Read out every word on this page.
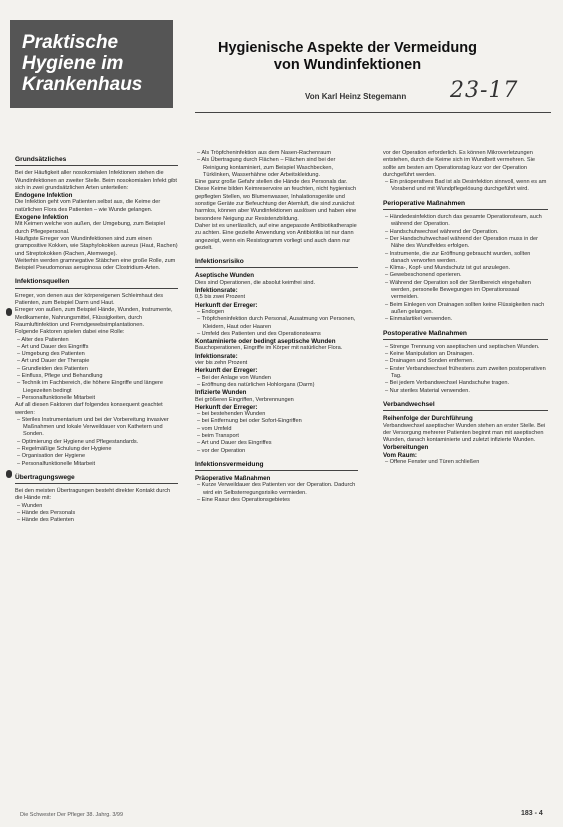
Praktische
Hygiene im
Krankenhaus
Hygienische Aspekte der Vermeidung
von Wundinfektionen
Von Karl Heinz Stegemann 23-17
Grundsätzliches
Bei der Häufigkeit aller nosokomialen Infektionen stehen die Wundinfektionen an zweiter Stelle. Beim nosokomialen Infekt gibt sich in zwei grundsätzlichen Arten unterteilen:
Endogene Infektion
Die Infektion geht vom Patienten selbst aus, die Keime der natürlichen Flora des Patienten – wie Wunde gelangen.
Exogene Infektion
Mit Keimen welche von außen, der Umgebung, zum Beispiel durch Pflegepersonal.
Häufigste Erreger von Wundinfektionen sind zum einen grampositive Kokken, wie Staphylokokken aureus (Haut, Rachen) und Streptokokken (Rachen, Atemwege).
Weiterhin werden gramnegative Stäbchen eine große Rolle, zum Beispiel Pseudomonas aeruginosa oder Clostridium-Arten.
Infektionsquellen
Erreger, von denen aus der körpereigenen Schleimhaut des Patienten, zum Beispiel Darm und Haut.
Erreger von außen, zum Beispiel Hände, Wunden, Instrumente, Medikamente, Nahrungsmittel, Flüssigkeiten, durch Raumluftinfektion und Fremdgewebsimplantationen.
Folgende Faktoren spielen dabei eine Rolle:
– Alter des Patienten
– Art und Dauer des Eingriffs
– Umgebung des Patienten
– Art und Dauer der Therapie
– Grundleiden des Patienten
– Einfluss, Pflege und Behandlung
– Technik im Fachbereich, die höhere Eingriffe und längere Liegezeiten bedingt
– Personalfunktionelle Mitarbeit
Auf all diesen Faktoren darf folgendes konsequent geachtet werden:
– Steriles Instrumentarium und bei der Vorbereitung invasiver Maßnahmen und lokale Verweildauer von Kathetern und Sonden.
– Optimierung der Hygiene und Pflegestandards.
– Regelmäßige Schulung der Hygiene
– Organisation der Hygiene
– Personalfunktionelle Mitarbeit
Übertragungswege
Bei den meisten Übertragungen besteht direkter Kontakt durch die Hände mit:
– Wunden
– Hände des Personals
– Hände des Patienten
– Als Tröpfcheninfektion aus dem Nasen-Rachenraum
– Als Übertragung durch Flächen – Flächen sind bei der Reinigung kontaminiert, zum Beispiel Waschbecken, Türklinken, Wasserhähne oder Arbeitskleidung.
Eine ganz große Gefahr stellen die Hände des Personals dar.
Diese Keime bilden Keimreservoire an feuchten, nicht hygienisch gepflegten Stellen, wo Blumenwasser, Inhalationsgeräte und sonstige Geräte zur Befeuchtung der Atemluft, die sind zunächst harmlos, können aber Wundinfektionen auslösen und haben eine besondere Neigung zur Resistenzbildung.
Daher ist es unerlässlich, auf eine angepasste Antibiotikatherapie zu achten. Eine gezielte Anwendung von Antibiotika ist nur dann angezeigt, wenn ein Resistogramm vorliegt und auch dann nur gezielt.
Infektionsrisiko
Aseptische Wunden
Dies sind Operationen, die absolut keimfrei sind.
Infektionsrate:
0,5 bis zwei Prozent
Herkunft der Erreger:
– Endogen
– Tröpfcheninfektion durch Personal, Ausatmung von Personen, Kleidern, Haut oder Haaren
– Umfeld des Patienten und des Operationsteams
Kontaminierte oder bedingt aseptische Wunden
Bauchoperationen, Eingriffe im Körper mit natürlicher Flora.
Infektionsrate:
vier bis zehn Prozent
Herkunft der Erreger:
– Bei der Anlage von Wunden
– Eröffnung des natürlichen Hohlorgans (Darm)
Infizierte Wunden
Bei größeren Eingriffen, Verbrennungen
Herkunft der Erreger:
– bei bestehenden Wunden
– bei Entfernung bei oder Sofort-Eingriffen
– vom Umfeld
– beim Transport
– Art und Dauer des Eingriffes
– vor der Operation
Infektionsvermeidung
Präoperative Maßnahmen
– Kurze Verweildauer des Patienten vor der Operation. Dadurch wird ein Selbsterregungsrisiko vermieden.
– Eine Rasur des Operationsgebietes
vor der Operation erforderlich. Es können Mikroverletzungen entstehen, durch die Keime sich im Wundbett vermehren. Sie sollte am besten am Operationstag kurz vor der Operation durchgeführt werden.
– Ein präoperatives Bad ist als Desinfektion sinnvoll, wenn es am Vorabend und mit Wundpflegelösung durchgeführt wird.
Perioperative Maßnahmen
– Händedesinfektion durch das gesamte Operationsteam, auch während der Operation.
– Handschuhwechsel während der Operation.
– Der Handschuhwechsel während der Operation muss in der Nähe des Wundfeldes erfolgen.
– Instrumente, die zur Eröffnung gebraucht wurden, sollten danach verworfen werden.
– Klima-, Kopf- und Mundschutz ist gut anzulegen.
– Gewebeschonend operieren.
– Während der Operation soll der Sterilbereich eingehalten werden, personelle Bewegungen im Operationssaal vermeiden.
– Beim Einlegen von Drainagen sollten keine Flüssigkeiten nach außen gelangen.
– Einmalartikel verwenden.
Postoperative Maßnahmen
– Strenge Trennung von aseptischen und septischen Wunden.
– Keine Manipulation an Drainagen.
– Drainagen und Sonden entfernen.
– Erster Verbandwechsel frühestens zum zweiten postoperativen Tag.
– Bei jedem Verbandwechsel Handschuhe tragen.
– Nur steriles Material verwenden.
Verbandwechsel
Reihenfolge der Durchführung
Verbandwechsel aseptischer Wunden stehen an erster Stelle. Bei der Versorgung mehrerer Patienten beginnt man mit aseptischen Wunden, danach kontaminierte und zuletzt infizierte Wunden.
Vorbereitungen
Vom Raum:
– Offene Fenster und Türen schließen
Die Schwester Der Pfleger 38. Jahrg. 3/99	183 - 4
